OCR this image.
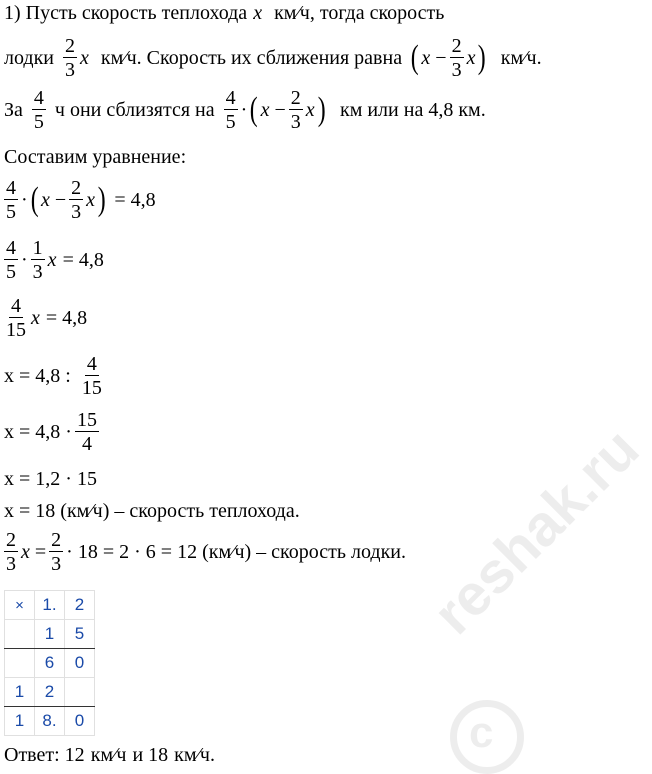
1) Пусть скорость теплохода x км⁄ч , тогда скорость
лодки $\frac{2}{3}$ x км⁄ч . Скорость их сближения равна ( $x - \frac{2}{3}$ x ) км⁄ч .
За $\frac{4}{5}$ ч они сблизятся на $\frac{4}{5}$ · ( $x - \frac{2}{3}$ x ) км или на 4,8 км.
Составим уравнение:
$\frac{4}{5}$ · ( $x - \frac{2}{3}$ x ) = 4,8
$\frac{4}{5} \cdot \frac{1}{3}$ x = 4,8
$\frac{4}{15}$ x = 4,8
x = 4,8 : $\frac{4}{15}$
$x = 4,8 \cdot \frac{15}{4}$
x = 1,2 · 15
x = 18 ( км⁄ч ) – скорость теплохода.
$\frac{2}{3}$ $x = \frac{2}{3} \cdot 18 = 2 \cdot 6 = 12$ ( км⁄ч ) – скорость лодки.
×	1.	2
	1	5
	6	0
1	2	
1	8.	0
reshak.ru
c
Ответ: 12 км⁄ч и 18 км⁄ч .
